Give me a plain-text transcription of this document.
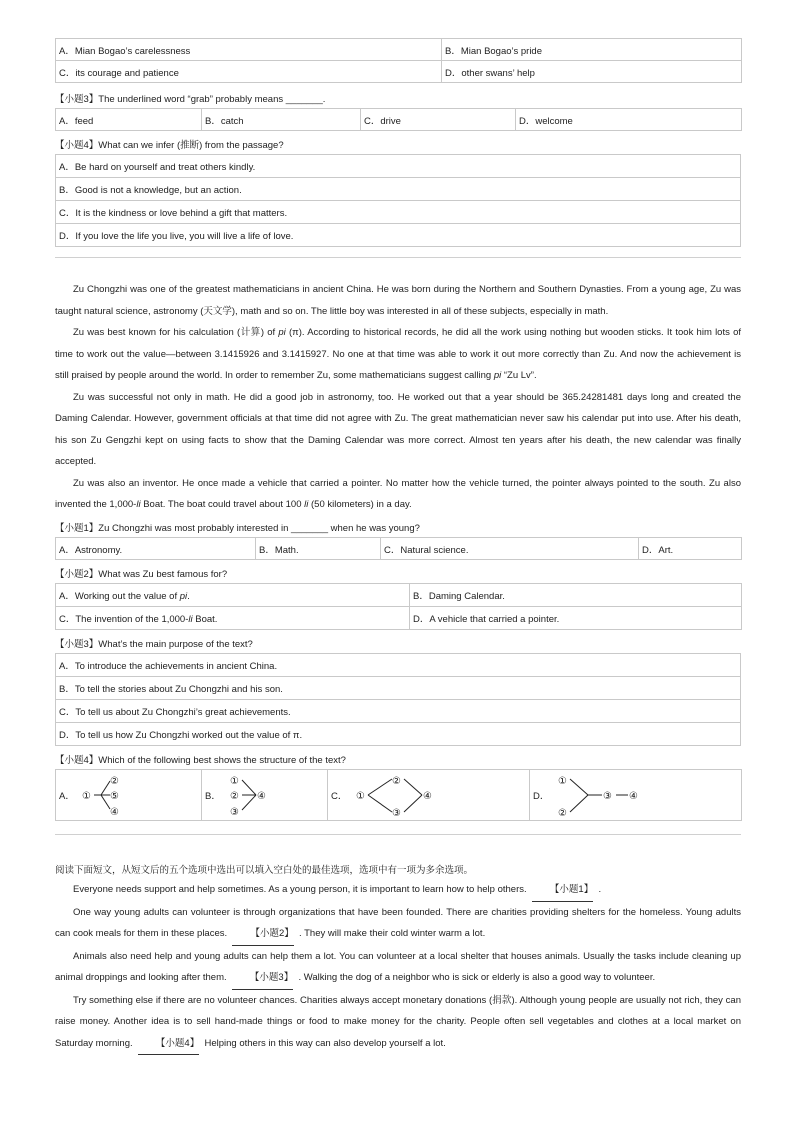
A．Mian Bogao’s carelessness	B．Mian Bogao’s pride
C．its courage and patience	D．other swans’ help
【小题3】The underlined word “grab” probably means _______.
A．feed	B．catch	C．drive	D．welcome
【小题4】What can we infer (推断) from the passage?
A．Be hard on yourself and treat others kindly.
B．Good is not a knowledge, but an action.
C．It is the kindness or love behind a gift that matters.
D．If you love the life you live, you will live a life of love.

Zu Chongzhi was one of the greatest mathematicians in ancient China. He was born during the Northern and Southern Dynasties. From a young age, Zu was taught natural science, astronomy (天文学), math and so on. The little boy was interested in all of these subjects, especially in math.

Zu was best known for his calculation (计算) of pi (π). According to historical records, he did all the work using nothing but wooden sticks. It took him lots of time to work out the value—between 3.1415926 and 3.1415927. No one at that time was able to work it out more correctly than Zu. And now the achievement is still praised by people around the world. In order to remember Zu, some mathematicians suggest calling pi “Zu Lv”.

Zu was successful not only in math. He did a good job in astronomy, too. He worked out that a year should be 365.24281481 days long and created the Daming Calendar. However, government officials at that time did not agree with Zu. The great mathematician never saw his calendar put into use. After his death, his son Zu Gengzhi kept on using facts to show that the Daming Calendar was more correct. Almost ten years after his death, the new calendar was finally accepted.

Zu was also an inventor. He once made a vehicle that carried a pointer. No matter how the vehicle turned, the pointer always pointed to the south. Zu also invented the 1,000-li Boat. The boat could travel about 100 li (50 kilometers) in a day.

【小题1】Zu Chongzhi was most probably interested in _______ when he was young?
A．Astronomy.	B．Math.	C．Natural science.	D．Art.
【小题2】What was Zu best famous for?
A．Working out the value of pi.	B．Daming Calendar.
C．The invention of the 1,000-li Boat.	D．A vehicle that carried a pointer.
【小题3】What’s the main purpose of the text?
A．To introduce the achievements in ancient China.
B．To tell the stories about Zu Chongzhi and his son.
C．To tell us about Zu Chongzhi’s great achievements.
D．To tell us how Zu Chongzhi worked out the value of π.
【小题4】Which of the following best shows the structure of the text?
A． ①
②
⑤
④
	B．
①
②
③
④	C． ①
②
③
④	D．
①
②
③ ④
阅读下面短文，从短文后的五个选项中选出可以填入空白处的最佳选项，选项中有一项为多余选项。

Everyone needs support and help sometimes. As a young person, it is important to learn how to help others. 【小题1】 .

One way young adults can volunteer is through organizations that have been founded. There are charities providing shelters for the homeless. Young adults can cook meals for them in these places. 【小题2】 . They will make their cold winter warm a lot.

Animals also need help and young adults can help them a lot. You can volunteer at a local shelter that houses animals. Usually the tasks include cleaning up animal droppings and looking after them. 【小题3】 . Walking the dog of a neighbor who is sick or elderly is also a good way to volunteer.

Try something else if there are no volunteer chances. Charities always accept monetary donations (捐款). Although young people are usually not rich, they can raise money. Another idea is to sell hand-made things or food to make money for the charity. People often sell vegetables and clothes at a local market on Saturday morning. 【小题4】 Helping others in this way can also develop yourself a lot.
